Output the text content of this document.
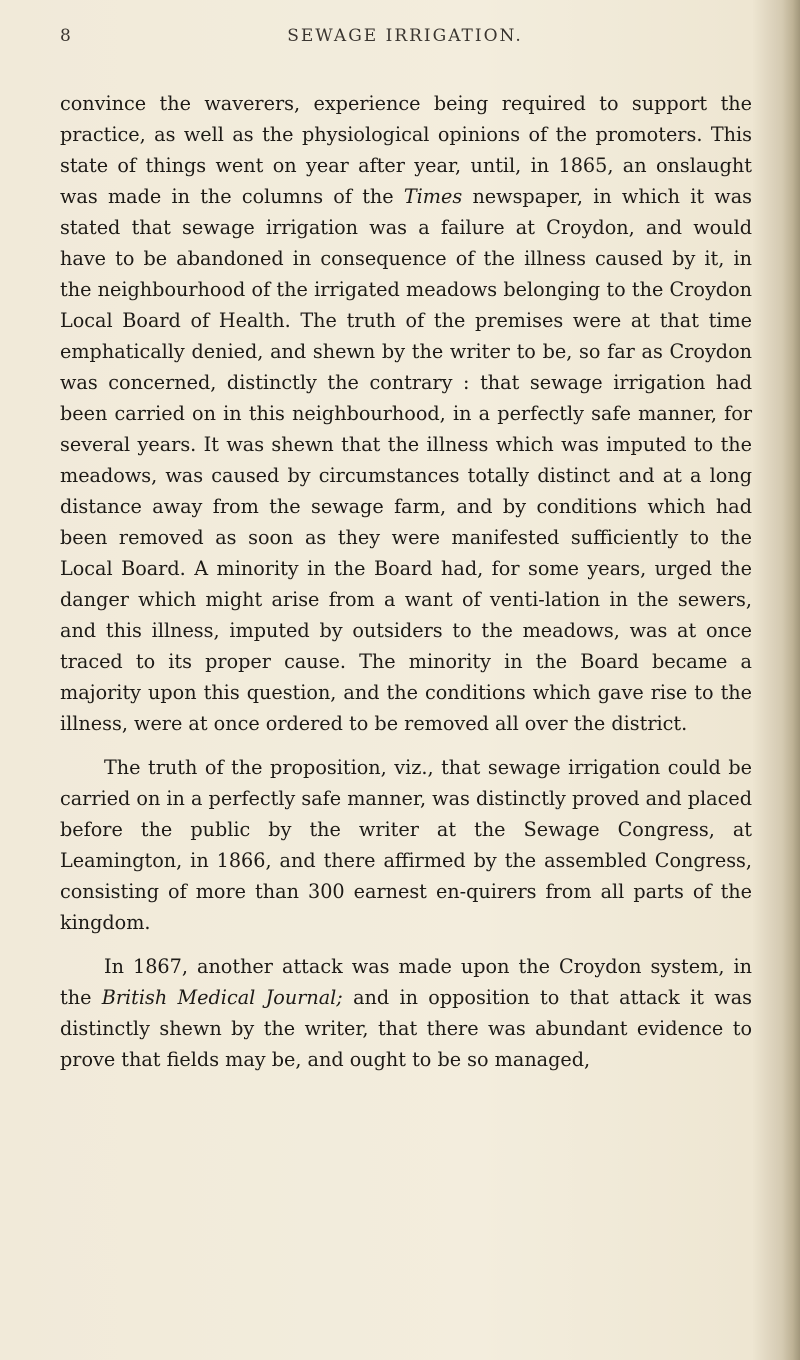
8	SEWAGE IRRIGATION.

convince the waverers, experience being required to support the practice, as well as the physiological opinions of the promoters. This state of things went on year after year, until, in 1865, an onslaught was made in the columns of the Times newspaper, in which it was stated that sewage irrigation was a failure at Croydon, and would have to be abandoned in consequence of the illness caused by it, in the neighbourhood of the irrigated meadows belonging to the Croydon Local Board of Health. The truth of the premises were at that time emphatically denied, and shewn by the writer to be, so far as Croydon was concerned, distinctly the contrary : that sewage irrigation had been carried on in this neighbourhood, in a perfectly safe manner, for several years. It was shewn that the illness which was imputed to the meadows, was caused by circumstances totally distinct and at a long distance away from the sewage farm, and by conditions which had been removed as soon as they were manifested sufficiently to the Local Board. A minority in the Board had, for some years, urged the danger which might arise from a want of venti-lation in the sewers, and this illness, imputed by outsiders to the meadows, was at once traced to its proper cause. The minority in the Board became a majority upon this question, and the conditions which gave rise to the illness, were at once ordered to be removed all over the district.

The truth of the proposition, viz., that sewage irrigation could be carried on in a perfectly safe manner, was distinctly proved and placed before the public by the writer at the Sewage Congress, at Leamington, in 1866, and there affirmed by the assembled Congress, consisting of more than 300 earnest en-quirers from all parts of the kingdom.

In 1867, another attack was made upon the Croydon system, in the British Medical Journal; and in opposition to that attack it was distinctly shewn by the writer, that there was abundant evidence to prove that fields may be, and ought to be so managed,
